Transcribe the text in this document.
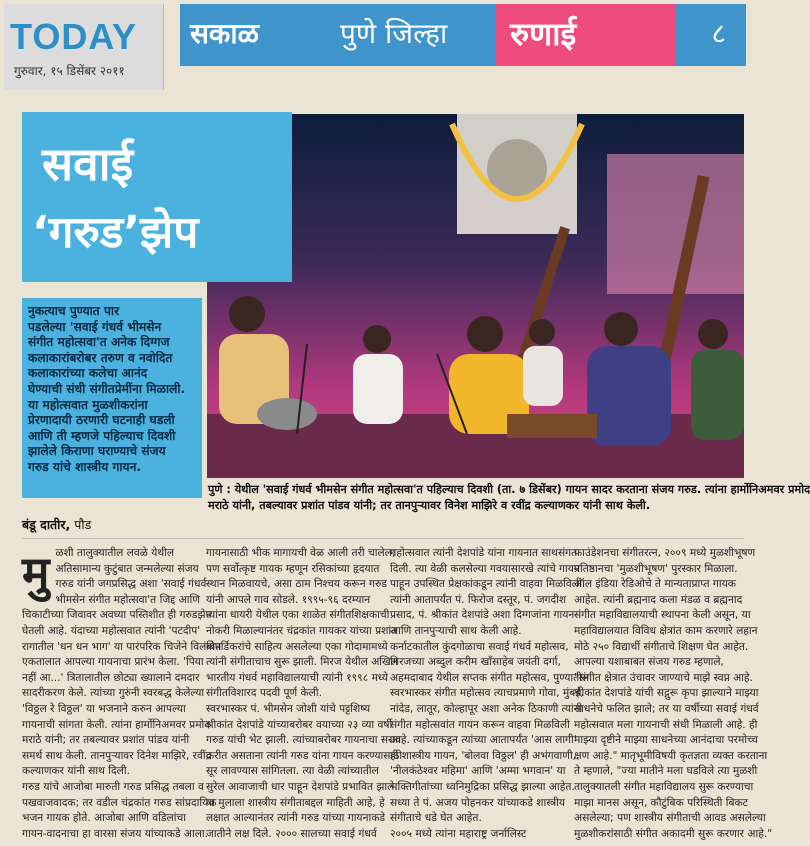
TODAY
गुरुवार, १५ डिसेंबर २०११
सकाळ	पुणे जिल्हा	रुणाई	८
सवाई
‘गरुड’झेप
नुकत्याच पुण्यात पार
पडलेल्या 'सवाई गंधर्व भीमसेन
संगीत महोत्सवा'त अनेक दिग्गज
कलाकारांबरोबर तरुण व नवोदित
कलाकारांच्या कलेचा आनंद
घेण्याची संधी संगीतप्रेमींना मिळाली.
या महोत्सवात मुळशीकरांना
प्रेरणादायी ठरणारी घटनाही घडली
आणि ती म्हणजे पहिल्याच दिवशी
झालेले किराणा घराण्याचे संजय
गरुड यांचे शास्त्रीय गायन.
पुणे : येथील 'सवाई गंधर्व भीमसेन संगीत महोत्सवा'त पहिल्याच दिवशी (ता. ७ डिसेंबर) गायन सादर करताना संजय गरुड. त्यांना हार्मोनिअमवर प्रमोद
मराठे यांनी, तबल्यावर प्रशांत पांडव यांनी; तर तानपुऱ्यावर विनेश माझिरे व रवींद्र कल्याणकर यांनी साथ केली.
बंडू दातीर, पौड
मु ळशी तालुक्यातील लवळे येथील
अतिसामान्य कुटुंबात जन्मलेल्या संजय
गरुड यांनी जगप्रसिद्ध अशा 'सवाई गंधर्व
भीमसेन संगीत महोत्सवा'त जिद्द आणि
चिकाटीच्या जिवावर अवघ्या पस्तिशीत ही गरुडझेप
घेतली आहे. यंदाच्या महोत्सवात त्यांनी 'पटदीप'
रागातील 'धन धन भाग' या पारंपरिक चिजेने विलंबित
एकतालात आपल्या गायनाचा प्रारंभ केला. 'पिया
नहीं आ...' त्रितालातील छोट्या ख्यालाने दमदार
सादरीकरण केले. त्यांच्या गुरुंनी स्वरबद्ध केलेल्या
'विठ्ठल रे विठ्ठल' या भजनाने करुन आपल्या
गायनाची सांगता केली. त्यांना हार्मोनिअमवर प्रमोद
मराठे यांनी; तर तबल्यावर प्रशांत पांडव यांनी
समर्थ साथ केली. तानपुऱ्यावर दिनेश माझिरे, रवींद्र
कल्याणकर यांनी साथ दिली.
गरुड यांचे आजोबा मारुती गरुड प्रसिद्ध तबला व
पखवाजवादक; तर वडील चंद्रकांत गरुड सांप्रदायिक
भजन गायक होते. आजोबा आणि वडिलांचा
गायन-वादनाचा हा वारसा संजय यांच्याकडे आला.
गायनासाठी भीक मागायची वेळ आली तरी चालेल;
पण सर्वोत्कृष्ट गायक म्हणून रसिकांच्या हृदयात
स्थान मिळवायचे, असा ठाम निश्चय करून गरुड
यांनी आपले गाव सोडले. १९९५-९६ दरम्यान
त्यांना धायरी येथील एका शाळेत संगीतशिक्षकाची
नोकरी मिळाल्यानंतर चंद्रकांत गायकर यांच्या प्रशांत
बोपर्डिकरांचे साहित्य असलेल्या एका गोदामामध्ये
त्यांनी संगीताचाच सुरू झाली. मिरज येथील अखिल
भारतीय गंधर्व महाविद्यालयाची त्यांनी १९९८ मध्ये
संगीतविशारद पदवी पूर्ण केली.
स्वरभास्कर पं. भीमसेन जोशी यांचे पट्टशिष्य
श्रीकांत देशपांडे यांच्याबरोबर वयाच्या २३ व्या वर्षी
गरुड यांची भेट झाली. त्यांच्याबरोबर गायनाचा सराव
करीत असताना त्यांनी गरुड यांना गायन करण्यासाठी
सूर लावण्यास सांगितला. त्या वेळी त्यांच्यातील
सुरेल आवाजाची धार पाहून देशपांडे प्रभावित झाले.
या मुलाला शास्त्रीय संगीताबद्दल माहिती आहे, हे
लक्षात आल्यानंतर त्यांनी गरुड यांच्या गायनाकडे
जातीने लक्ष दिले. २००० सालच्या सवाई गंधर्व
महोत्सवात त्यांनी देशपांडे यांना गायनात साथसंगत
दिली. त्या वेळी कलसेल्या गवयासारखे त्यांचे गायन
पाहून उपस्थित प्रेक्षकांकडून त्यांनी वाहवा मिळविली.
त्यांनी आतापर्यंत पं. फिरोज दस्तूर, पं. जगदीश
प्रसाद, पं. श्रीकांत देशपांडे अशा दिग्गजांना गायन
आणि तानपुऱ्याची साथ केली आहे.
कर्नाटकातील कुंदगोळाचा सवाई गंधर्व महोत्सव,
मिरजच्या अब्दुल करीम खाँसाहेब जयंती दर्गा,
अहमदाबाद येथील सप्तक संगीत महोत्सव, पुण्यातील
स्वरभास्कर संगीत महोत्सव त्याचप्रमाणे गोवा, मुंबई,
नांदेड, लातूर, कोल्हापूर अशा अनेक ठिकाणी त्यांनी
संगीत महोत्सवांत गायन करून वाहवा मिळविली
आहे. त्यांच्याकडून त्यांच्या आतापर्यंत 'आस लागी'
ही शास्त्रीय गायन, 'बोलवा विठ्ठल' ही अभंगवाणी,
'नीलकंठेश्वर महिमा' आणि 'अम्मा भगवान' या
भक्तिगीतांच्या ध्वनिमुद्रिका प्रसिद्ध झाल्या आहेत.
सध्या ते पं. अजय पोहनकर यांच्याकडे शास्त्रीय
संगीताचे धडे घेत आहेत.
२००५ मध्ये त्यांना महाराष्ट्र जर्नालिस्ट
फाउंडेशनचा संगीतरत्न, २००९ मध्ये मुळशीभूषण
प्रतिष्ठानचा 'मुळशीभूषण' पुरस्कार मिळाला.
ऑल इंडिया रेडिओचे ते मान्यताप्राप्त गायक
आहेत. त्यांनी ब्रह्मनाद कला मंडळ व ब्रह्मनाद
संगीत महाविद्यालयाची स्थापना केली असून, या
महाविद्यालयात विविध क्षेत्रांत काम करणारे लहान
मोठे २५० विद्यार्थी संगीताचे शिक्षण घेत आहेत.
आपल्या यशाबाबत संजय गरुड म्हणाले,
"संगीत क्षेत्रात उंचावर जाण्याचे माझे स्वप्न आहे.
श्रीकांत देशपांडे यांची सद्गुरू कृपा झाल्याने माझ्या
साधनेचे फलित झाले; तर या वर्षीच्या सवाई गंधर्व
महोत्सवात मला गायनाची संधी मिळाली आहे. ही
माझ्या दृष्टीने माझ्या साधनेच्या आनंदाचा परमोच्च
क्षण आहे." मातृभूमीविषयी कृतज्ञता व्यक्त करताना
ते म्हणाले, "ज्या मातीने मला घडविले त्या मुळशी
तालुक्यातली संगीत महाविद्यालय सुरू करण्याचा
माझा मानस असून, कौटुंबिक परिस्थिती बिकट
असलेल्या; पण शास्त्रीय संगीताची आवड असलेल्या
मुळशीकरांसाठी संगीत अकादमी सुरू करणार आहे."
